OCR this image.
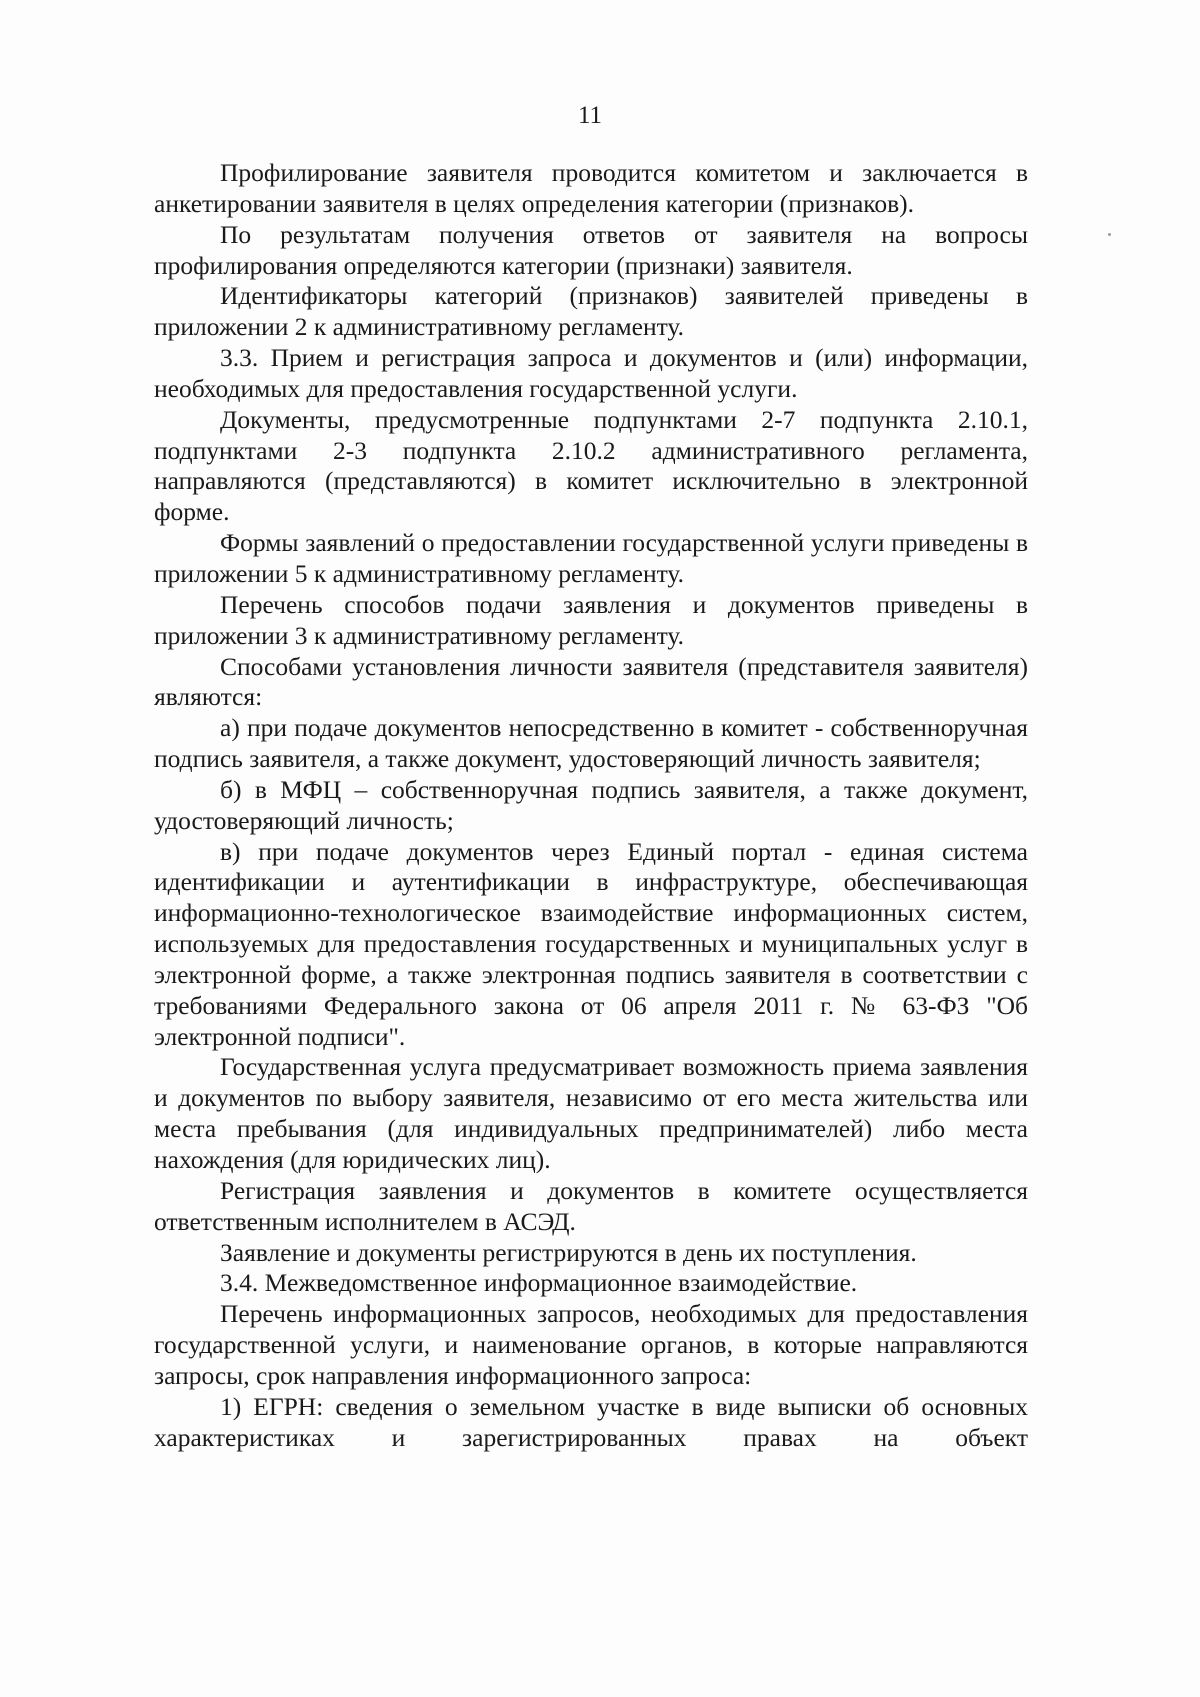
11

Профилирование заявителя проводится комитетом и заключается в анкетировании заявителя в целях определения категории (признаков).

По результатам получения ответов от заявителя на вопросы профилирования определяются категории (признаки) заявителя.

Идентификаторы категорий (признаков) заявителей приведены в приложении 2 к административному регламенту.

3.3. Прием и регистрация запроса и документов и (или) информации, необходимых для предоставления государственной услуги.

Документы, предусмотренные подпунктами 2-7 подпункта 2.10.1, подпунктами 2-3 подпункта 2.10.2 административного регламента, направляются (представляются) в комитет исключительно в электронной форме.

Формы заявлений о предоставлении государственной услуги приведены в приложении 5 к административному регламенту.

Перечень способов подачи заявления и документов приведены в приложении 3 к административному регламенту.

Способами установления личности заявителя (представителя заявителя) являются:

а) при подаче документов непосредственно в комитет - собственноручная подпись заявителя, а также документ, удостоверяющий личность заявителя;

б) в МФЦ – собственноручная подпись заявителя, а также документ, удостоверяющий личность;

в) при подаче документов через Единый портал - единая система идентификации и аутентификации в инфраструктуре, обеспечивающая информационно-технологическое взаимодействие информационных систем, используемых для предоставления государственных и муниципальных услуг в электронной форме, а также электронная подпись заявителя в соответствии с требованиями Федерального закона от 06 апреля 2011 г. № 63-ФЗ "Об электронной подписи".

Государственная услуга предусматривает возможность приема заявления и документов по выбору заявителя, независимо от его места жительства или места пребывания (для индивидуальных предпринимателей) либо места нахождения (для юридических лиц).

Регистрация заявления и документов в комитете осуществляется ответственным исполнителем в АСЭД.

Заявление и документы регистрируются в день их поступления.

3.4. Межведомственное информационное взаимодействие.

Перечень информационных запросов, необходимых для предоставления государственной услуги, и наименование органов, в которые направляются запросы, срок направления информационного запроса:

1) ЕГРН: сведения о земельном участке в виде выписки об основных характеристиках и зарегистрированных правах на объект
